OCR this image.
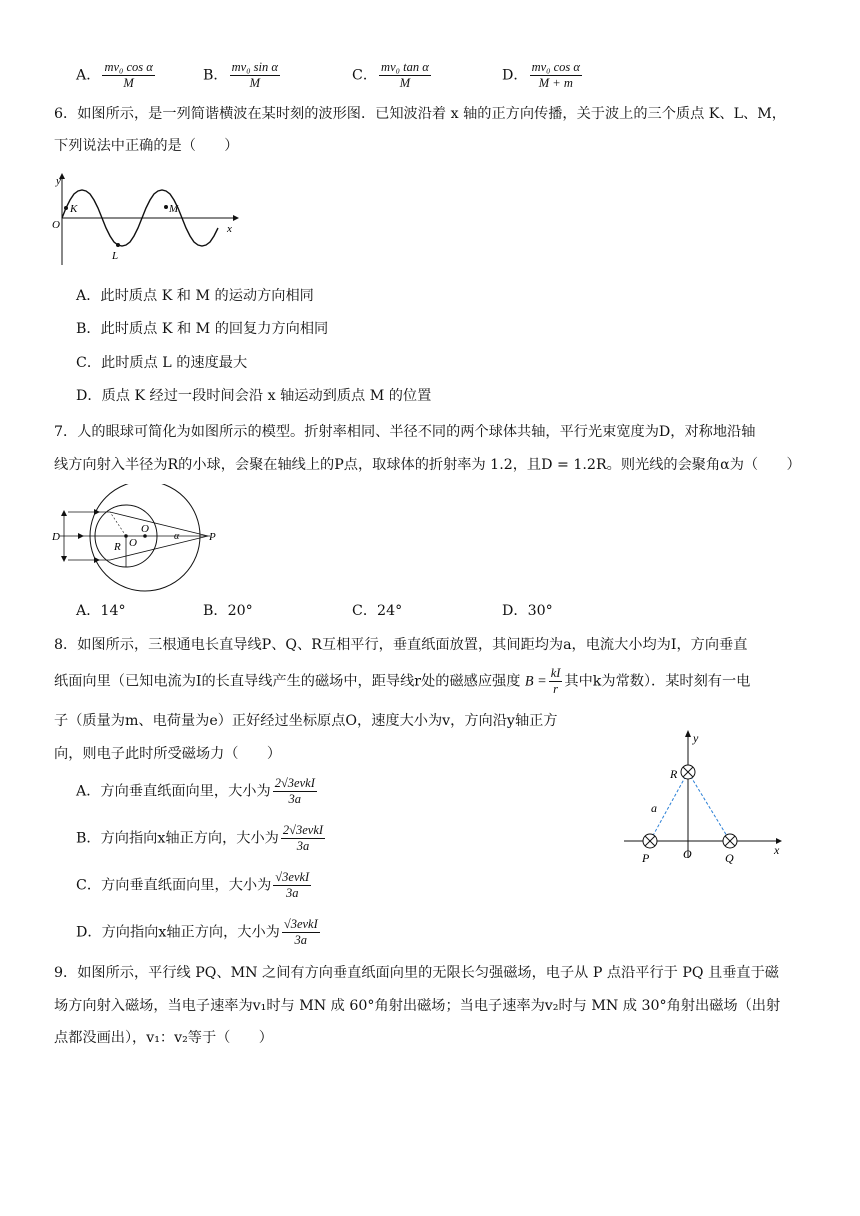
A． $\frac{\text{mv₀ cos α}}{M}$	B． $\frac{\text{mv₀ sin α}}{M}$	C． $\frac{\text{mv₀ tan α}}{M}$	D． $\frac{\text{mv₀ cos α}}{M + m}$
6．如图所示，是一列简谐横波在某时刻的波形图．已知波沿着 x 轴的正方向传播，关于波上的三个质点 K、L、M，
下列说法中正确的是（　　）
y
x
O
K
L
M
A．此时质点 K 和 M 的运动方向相同
B．此时质点 K 和 M 的回复力方向相同
C．此时质点 L 的速度最大
D．质点 K 经过一段时间会沿 x 轴运动到质点 M 的位置
7．人的眼球可简化为如图所示的模型。折射率相同、半径不同的两个球体共轴，平行光束宽度为D，对称地沿轴
线方向射入半径为R的小球，会聚在轴线上的P点，取球体的折射率为 1.2，且D = 1.2R。则光线的会聚角α为（　　）
D
R O
O
α	P
A．14°	B．20°	C．24°	D．30°
8．如图所示，三根通电长直导线P、Q、R互相平行，垂直纸面放置，其间距均为a，电流大小均为I，方向垂直
纸面向里（已知电流为I的长直导线产生的磁场中，距导线r处的磁感应强度 $B = \frac{kI}{r}$ 其中k为常数）．某时刻有一电
子（质量为m、电荷量为e）正好经过坐标原点O，速度大小为v，方向沿y轴正方
向，则电子此时所受磁场力（　　）
y
x
R
a
P	O	Q
A．方向垂直纸面向里，大小为 $\frac{\text{2√3evkI}}{3a}$
B．方向指向x轴正方向，大小为 $\frac{\text{2√3evkI}}{3a}$
C．方向垂直纸面向里，大小为 $\frac{\text{√3evkI}}{3a}$
D．方向指向x轴正方向，大小为 $\frac{\text{√3evkI}}{3a}$
9．如图所示，平行线 PQ、MN 之间有方向垂直纸面向里的无限长匀强磁场，电子从 P 点沿平行于 PQ 且垂直于磁
场方向射入磁场，当电子速率为v₁时与 MN 成 60°角射出磁场；当电子速率为v₂时与 MN 成 30°角射出磁场（出射
点都没画出），v₁：v₂等于（　　）
